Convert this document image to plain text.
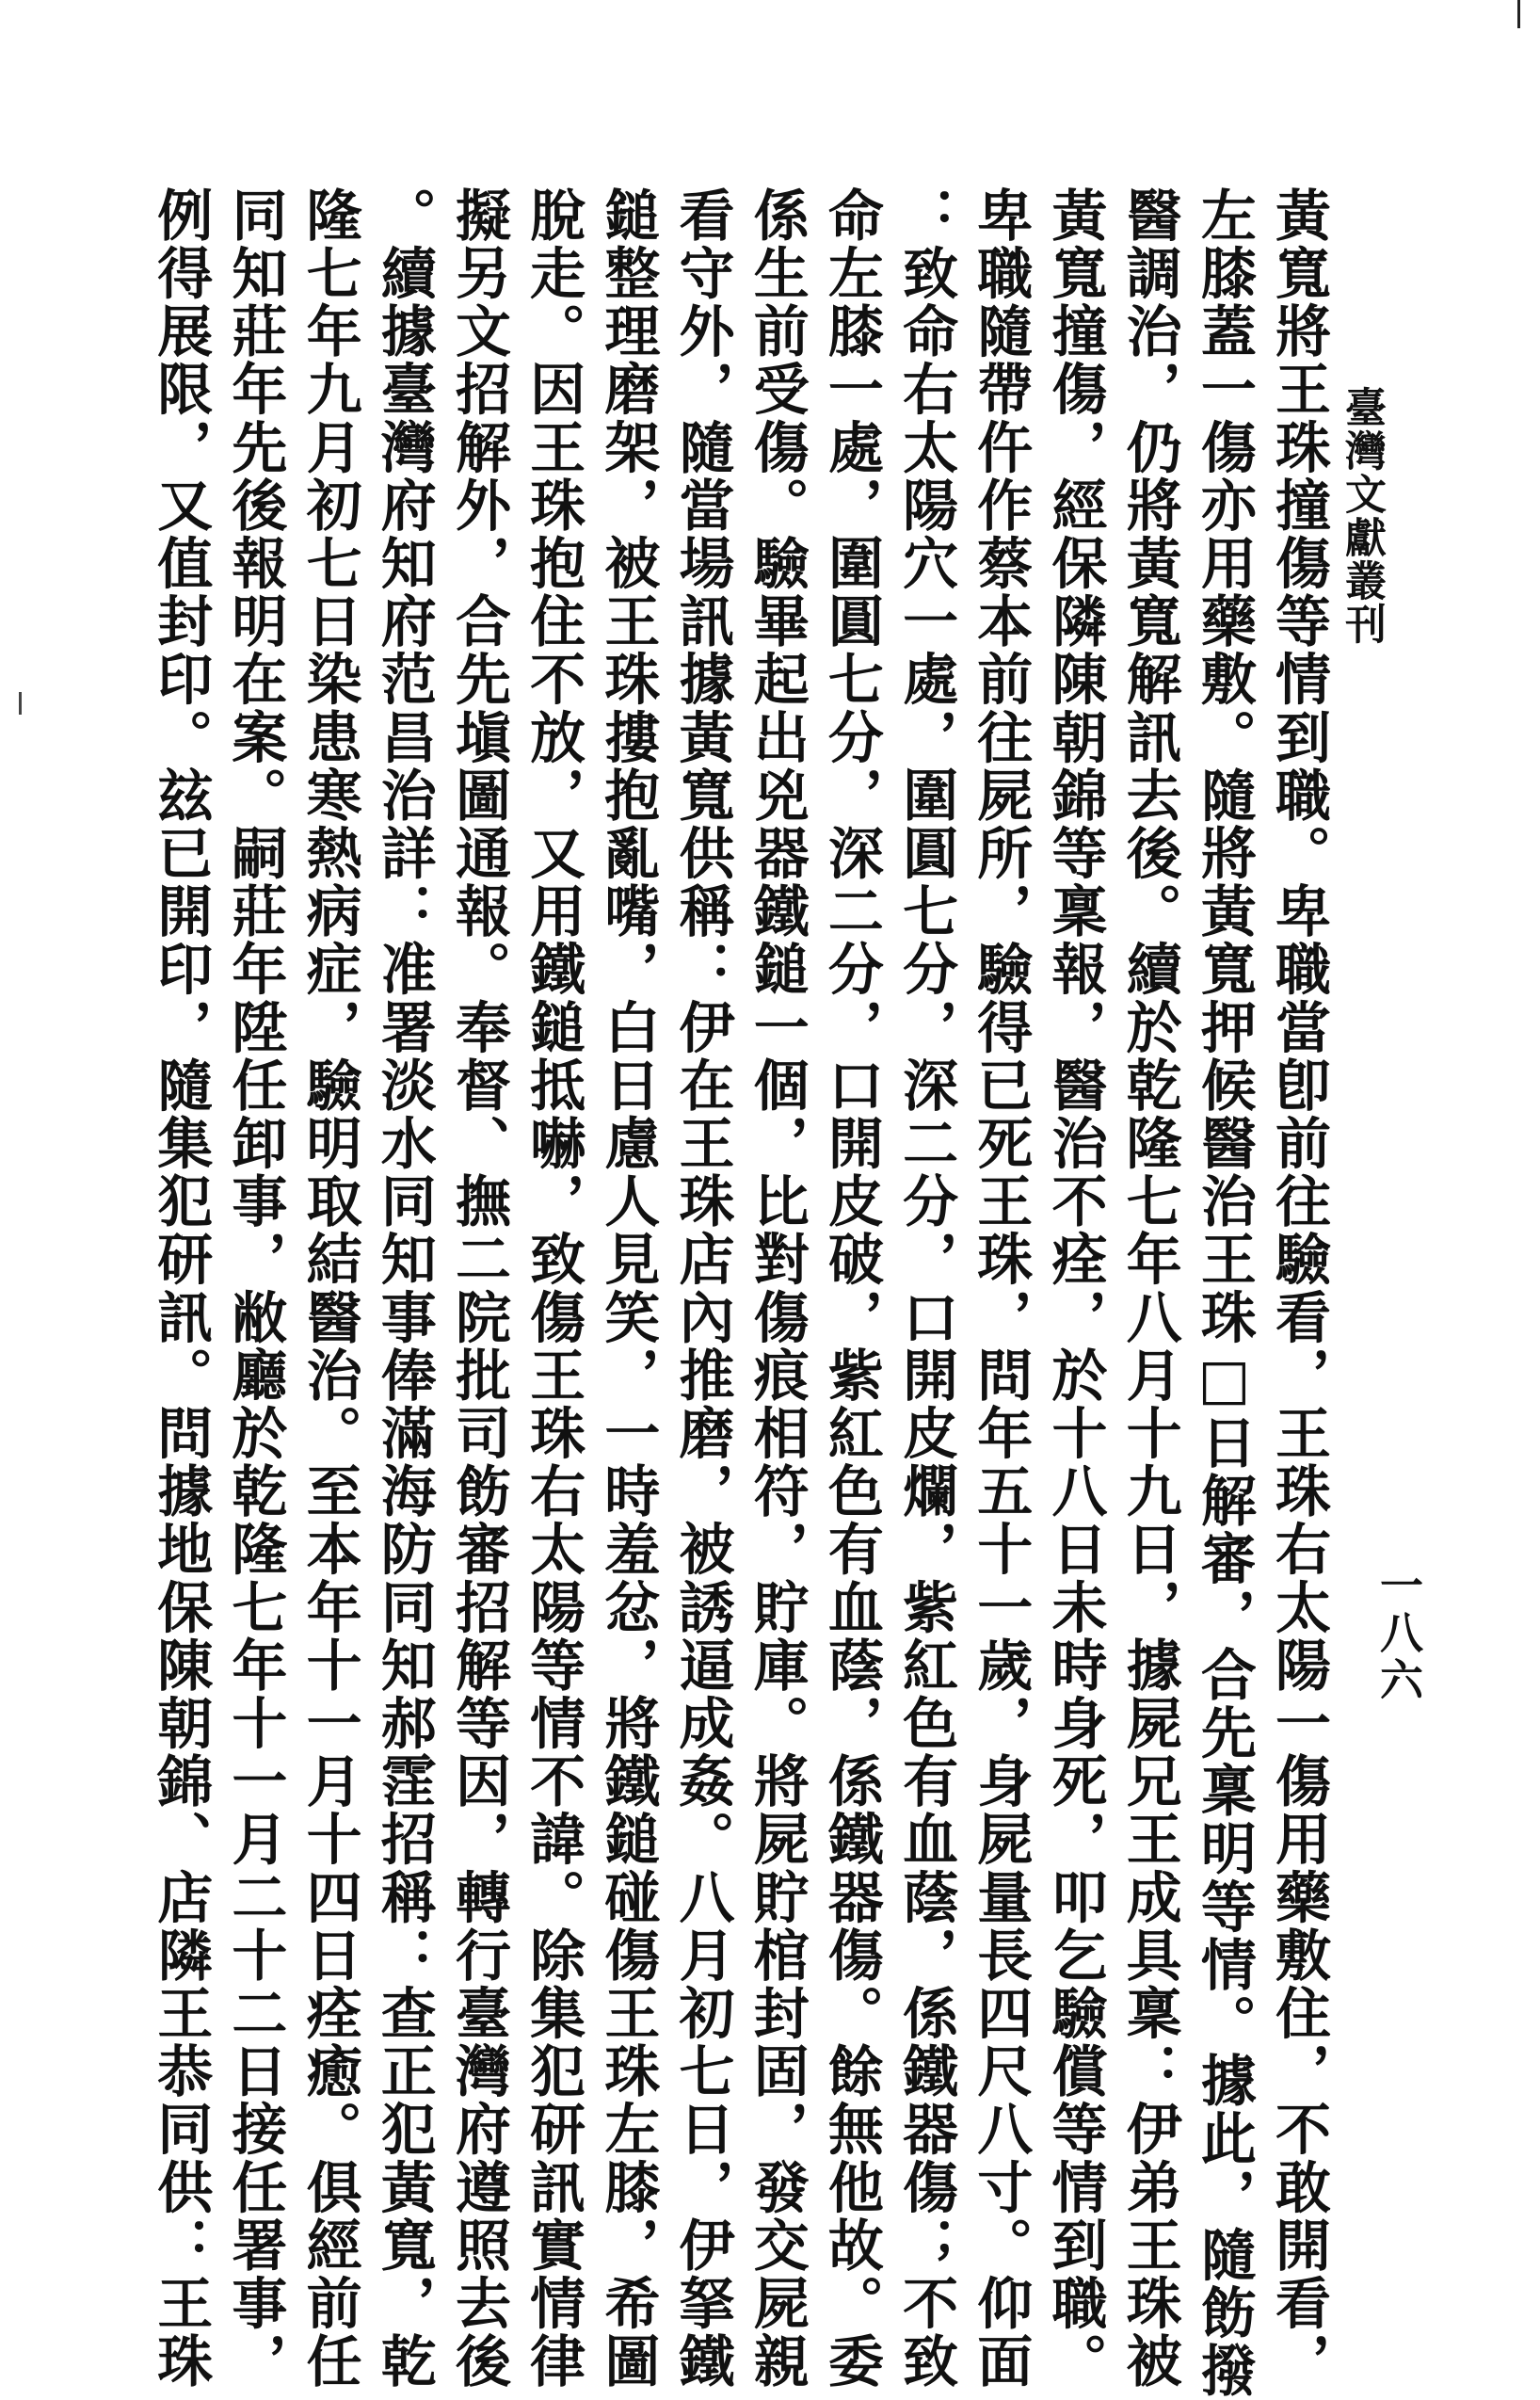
臺灣文獻叢刊
一八六
黃寬將王珠撞傷等情到職。卑職當卽前往驗看，王珠右太陽一傷用藥敷住，不敢開看，
左膝蓋一傷亦用藥敷。隨將黃寬押候醫治王珠□日解審，合先稟明等情。據此，隨飭撥
醫調治，仍將黃寬解訊去後。續於乾隆七年八月十九日，據屍兄王成具稟：伊弟王珠被
黃寬撞傷，經保隣陳朝錦等稟報，醫治不痊，於十八日未時身死，叩乞驗償等情到職。
卑職隨帶仵作蔡本前往屍所，驗得已死王珠，問年五十一歲，身屍量長四尺八寸。仰面
：致命右太陽穴一處，圍圓七分，深二分，口開皮爛，紫紅色有血蔭，係鐵器傷；不致
命左膝一處，圍圓七分，深二分，口開皮破，紫紅色有血蔭，係鐵器傷。餘無他故。委
係生前受傷。驗畢起出兇器鐵鎚一個，比對傷痕相符，貯庫。將屍貯棺封固，發交屍親
看守外，隨當場訊據黃寬供稱：伊在王珠店內推磨，被誘逼成姦。八月初七日，伊拏鐵
鎚整理磨架，被王珠摟抱亂嘴，白日慮人見笑，一時羞忿，將鐵鎚碰傷王珠左膝，希圖
脫走。因王珠抱住不放，又用鐵鎚抵嚇，致傷王珠右太陽等情不諱。除集犯研訊實情律
擬另文招解外，合先塡圖通報。奉督、撫二院批司飭審招解等因，轉行臺灣府遵照去後
。續據臺灣府知府范昌治詳：准署淡水同知事俸滿海防同知郝霔招稱：查正犯黃寬，乾
隆七年九月初七日染患寒熱病症，驗明取結醫治。至本年十一月十四日痊癒。俱經前任
同知莊年先後報明在案。嗣莊年陞任卸事，敝廳於乾隆七年十一月二十二日接任署事，
例得展限，又值封印。玆已開印，隨集犯研訊。問據地保陳朝錦、店隣王恭同供：王珠
